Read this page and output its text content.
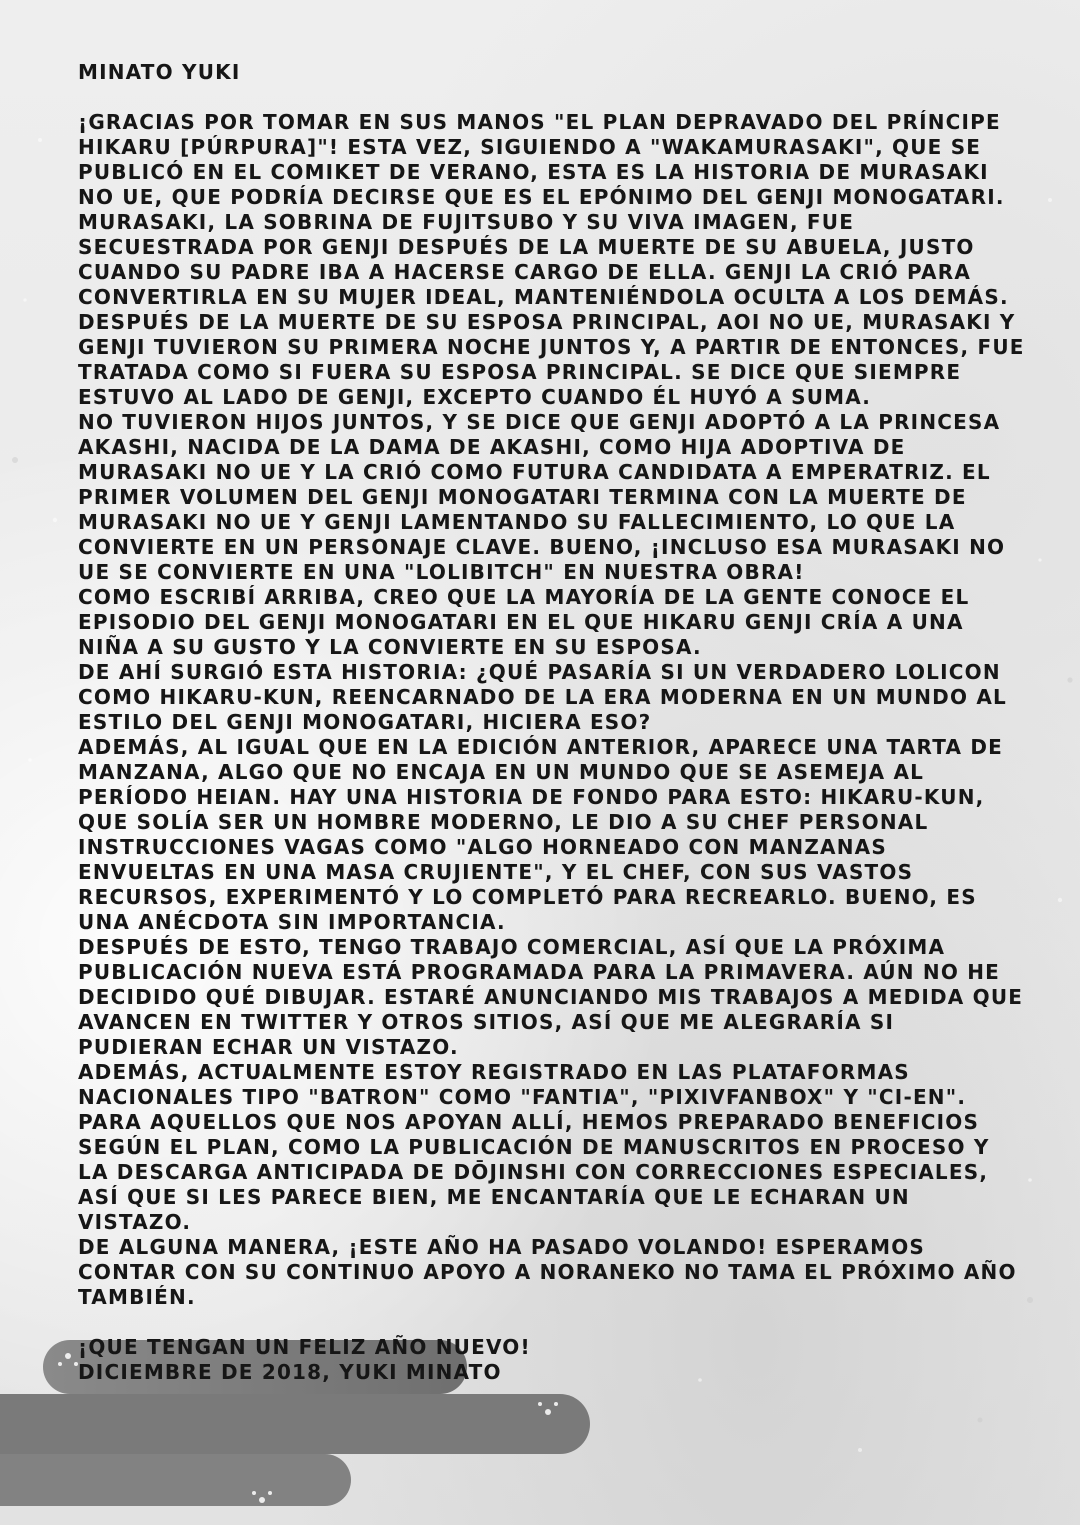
MINATO YUKI

¡GRACIAS POR TOMAR EN SUS MANOS "EL PLAN DEPRAVADO DEL PRÍNCIPE HIKARU [PÚRPURA]"! ESTA VEZ, SIGUIENDO A "WAKAMURASAKI", QUE SE PUBLICÓ EN EL COMIKET DE VERANO, ESTA ES LA HISTORIA DE MURASAKI NO UE, QUE PODRÍA DECIRSE QUE ES EL EPÓNIMO DEL GENJI MONOGATARI.

MURASAKI, LA SOBRINA DE FUJITSUBO Y SU VIVA IMAGEN, FUE SECUESTRADA POR GENJI DESPUÉS DE LA MUERTE DE SU ABUELA, JUSTO CUANDO SU PADRE IBA A HACERSE CARGO DE ELLA. GENJI LA CRIÓ PARA CONVERTIRLA EN SU MUJER IDEAL, MANTENIÉNDOLA OCULTA A LOS DEMÁS. DESPUÉS DE LA MUERTE DE SU ESPOSA PRINCIPAL, AOI NO UE, MURASAKI Y GENJI TUVIERON SU PRIMERA NOCHE JUNTOS Y, A PARTIR DE ENTONCES, FUE TRATADA COMO SI FUERA SU ESPOSA PRINCIPAL. SE DICE QUE SIEMPRE ESTUVO AL LADO DE GENJI, EXCEPTO CUANDO ÉL HUYÓ A SUMA.

NO TUVIERON HIJOS JUNTOS, Y SE DICE QUE GENJI ADOPTÓ A LA PRINCESA AKASHI, NACIDA DE LA DAMA DE AKASHI, COMO HIJA ADOPTIVA DE MURASAKI NO UE Y LA CRIÓ COMO FUTURA CANDIDATA A EMPERATRIZ. EL PRIMER VOLUMEN DEL GENJI MONOGATARI TERMINA CON LA MUERTE DE MURASAKI NO UE Y GENJI LAMENTANDO SU FALLECIMIENTO, LO QUE LA CONVIERTE EN UN PERSONAJE CLAVE. BUENO, ¡INCLUSO ESA MURASAKI NO UE SE CONVIERTE EN UNA "LOLIBITCH" EN NUESTRA OBRA!

COMO ESCRIBÍ ARRIBA, CREO QUE LA MAYORÍA DE LA GENTE CONOCE EL EPISODIO DEL GENJI MONOGATARI EN EL QUE HIKARU GENJI CRÍA A UNA NIÑA A SU GUSTO Y LA CONVIERTE EN SU ESPOSA.

DE AHÍ SURGIÓ ESTA HISTORIA: ¿QUÉ PASARÍA SI UN VERDADERO LOLICON COMO HIKARU-KUN, REENCARNADO DE LA ERA MODERNA EN UN MUNDO AL ESTILO DEL GENJI MONOGATARI, HICIERA ESO?

ADEMÁS, AL IGUAL QUE EN LA EDICIÓN ANTERIOR, APARECE UNA TARTA DE MANZANA, ALGO QUE NO ENCAJA EN UN MUNDO QUE SE ASEMEJA AL PERÍODO HEIAN. HAY UNA HISTORIA DE FONDO PARA ESTO: HIKARU-KUN, QUE SOLÍA SER UN HOMBRE MODERNO, LE DIO A SU CHEF PERSONAL INSTRUCCIONES VAGAS COMO "ALGO HORNEADO CON MANZANAS ENVUELTAS EN UNA MASA CRUJIENTE", Y EL CHEF, CON SUS VASTOS RECURSOS, EXPERIMENTÓ Y LO COMPLETÓ PARA RECREARLO. BUENO, ES UNA ANÉCDOTA SIN IMPORTANCIA.

DESPUÉS DE ESTO, TENGO TRABAJO COMERCIAL, ASÍ QUE LA PRÓXIMA PUBLICACIÓN NUEVA ESTÁ PROGRAMADA PARA LA PRIMAVERA. AÚN NO HE DECIDIDO QUÉ DIBUJAR. ESTARÉ ANUNCIANDO MIS TRABAJOS A MEDIDA QUE AVANCEN EN TWITTER Y OTROS SITIOS, ASÍ QUE ME ALEGRARÍA SI PUDIERAN ECHAR UN VISTAZO.

ADEMÁS, ACTUALMENTE ESTOY REGISTRADO EN LAS PLATAFORMAS NACIONALES TIPO "BATRON" COMO "FANTIA", "PIXIVFANBOX" Y "CI-EN". PARA AQUELLOS QUE NOS APOYAN ALLÍ, HEMOS PREPARADO BENEFICIOS SEGÚN EL PLAN, COMO LA PUBLICACIÓN DE MANUSCRITOS EN PROCESO Y LA DESCARGA ANTICIPADA DE DŌJINSHI CON CORRECCIONES ESPECIALES, ASÍ QUE SI LES PARECE BIEN, ME ENCANTARÍA QUE LE ECHARAN UN VISTAZO.

DE ALGUNA MANERA, ¡ESTE AÑO HA PASADO VOLANDO! ESPERAMOS CONTAR CON SU CONTINUO APOYO A NORANEKO NO TAMA EL PRÓXIMO AÑO TAMBIÉN.

¡QUE TENGAN UN FELIZ AÑO NUEVO!

DICIEMBRE DE 2018, YUKI MINATO
